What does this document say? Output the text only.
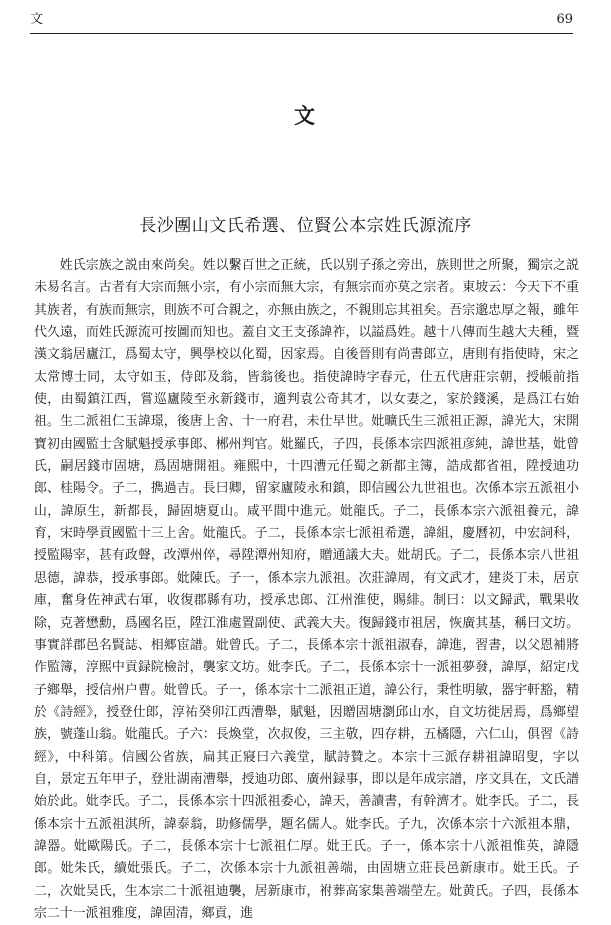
文	69
文
長沙團山文氏希選、位賢公本宗姓氏源流序

姓氏宗族之説由來尚矣。姓以繫百世之正統，氏以别子孫之旁出，族則世之所聚，獨宗之説未易名言。古者有大宗而無小宗，有小宗而無大宗，有無宗而亦莫之宗者。東坡云：今天下不重其族者，有族而無宗，則族不可合親之，亦無由族之，不親則忘其祖矣。吾宗邈忠厚之報，雖年代久遠，而姓氏源流可按圖而知也。蓋自文王支孫諱祚，以謚爲姓。越十八傳而生越大夫種，暨漢文翁居廬江，爲蜀太守，興學校以化蜀，因家焉。自後晉則有尚書郎立，唐則有指使時，宋之太常博士同，太守如玉，侍郎及翁，皆翁後也。指使諱時字春元，仕五代唐莊宗朝，授帳前指使，由蜀鎮江西，嘗巡廬陵至永新錢市，適判袁公奇其才，以女妻之，家於錢溪，是爲江右始祖。生二派祖仁玉諱璟，後唐上舍、十一府君，未仕早世。妣曠氏生三派祖正源，諱光大，宋開寶初由國監士含賦魁授承事郎、郴州判官。妣羅氏，子四，長係本宗四派祖彦純，諱世基，妣曾氏，嗣居錢市固塘，爲固塘開祖。雍熙中，十四漕元任蜀之新都主簿，誥成都省祖，陞授迪功郎、桂陽令。子二，擕過吉。長曰卿，留家廬陵永和鎮，即信國公九世祖也。次係本宗五派祖小山，諱原生，新都長，歸固塘夏山。咸平間中進元。妣龍氏。子二，長係本宗六派祖養元，諱育，宋時學貢國監十三上舍。妣龍氏。子二，長係本宗七派祖希選，諱組，慶曆初，中宏詞科，授監陽宰，甚有政聲，改潭州倅，尋陞潭州知府，贈通議大夫。妣胡氏。子二，長係本宗八世祖思德，諱恭，授承事郎。妣陳氏。子一，係本宗九派祖。次莊諱周，有文武才，建炎丁未，居京庫，奮身佐神武右軍，收復郡縣有功，授承忠郎、江州淮使，賜緋。制曰：以文歸武，戰果收除，克著懋勳，爲國名臣，陞江淮處置副使、武義大夫。復歸錢市祖居，恢廣其基，稱曰文坊。事實詳郡邑名賢誌、相郷宦譜。妣曾氏。子二，長係本宗十派祖淑春，諱進，習書，以父恩補將作監簿，淳熙中貢録院檢討，襲家文坊。妣李氏。子二，長係本宗十一派祖夢發，諱厚，紹定戊子鄉舉，授信州户曹。妣曾氏。子一，係本宗十二派祖正道，諱公行，秉性明敏，器宇軒豁，精於《詩經》，授登仕郎，淳祐癸卯江西漕舉，賦魁，因贈固塘瀏邱山水，自文坊徙居焉，爲鄉望族，號蓬山翁。妣龍氏。子六：長煥堂，次叔俊，三主敬，四存耕，五橘隱，六仁山，俱習《詩經》，中科第。信國公省族，扁其正寢曰六義堂，賦詩贊之。本宗十三派存耕祖諱昭叟，字以自，景定五年甲子，登壯湖南漕舉，授迪功郎、廣州録事，即以是年成宗譜，序文具在，文氏譜始於此。妣李氏。子二，長係本宗十四派祖委心，諱天，善讀書，有幹濟才。妣李氏。子二，長係本宗十五派祖淇所，諱泰翁，助修儒學，題名儒人。妣李氏。子九，次係本宗十六派祖本鼎，諱器。妣歐陽氏。子二，長係本宗十七派祖仁厚。妣王氏。子一，係本宗十八派祖惟英，諱隱郎。妣朱氏，續妣張氏。子二，次係本宗十九派祖善端，由固塘立莊長邑新康市。妣王氏。子二，次妣吴氏，生本宗二十派祖迪襲，居新康市，祔葬高家集善端塋左。妣黄氏。子四，長係本宗二十一派祖雅度，諱固清，鄉貢，進
